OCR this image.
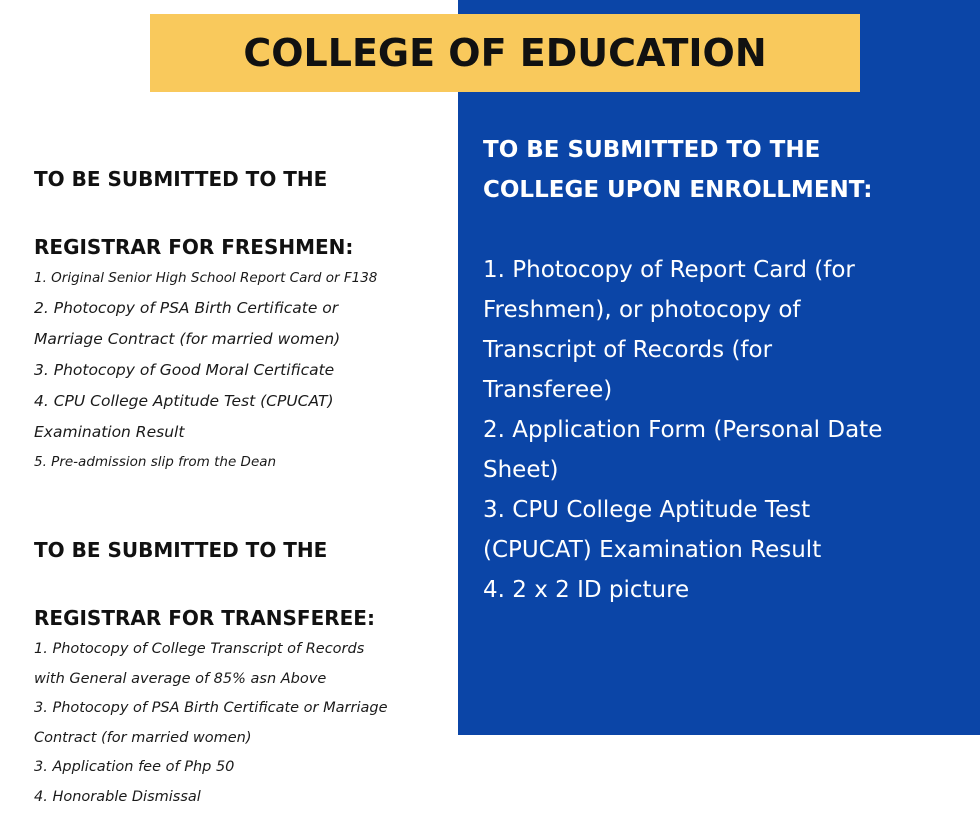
COLLEGE OF EDUCATION

TO BE SUBMITTED TO THE

REGISTRAR FOR FRESHMEN:

1. Original Senior High School Report Card or F138
2. Photocopy of PSA Birth Certificate or
Marriage Contract (for married women)
3. Photocopy of Good Moral Certificate
4. CPU College Aptitude Test (CPUCAT)
Examination Result
5. Pre-admission slip from the Dean

TO BE SUBMITTED TO THE

REGISTRAR FOR TRANSFEREE:

1. Photocopy of College Transcript of Records
with General average of 85% asn Above
3. Photocopy of PSA Birth Certificate or Marriage
Contract (for married women)
3. Application fee of Php 50
4. Honorable Dismissal
TO BE SUBMITTED TO THE
COLLEGE UPON ENROLLMENT:
1. Photocopy of Report Card (for
Freshmen), or photocopy of
Transcript of Records (for
Transferee)
2. Application Form (Personal Date
Sheet)
3. CPU College Aptitude Test
(CPUCAT) Examination Result
4. 2 x 2 ID picture
